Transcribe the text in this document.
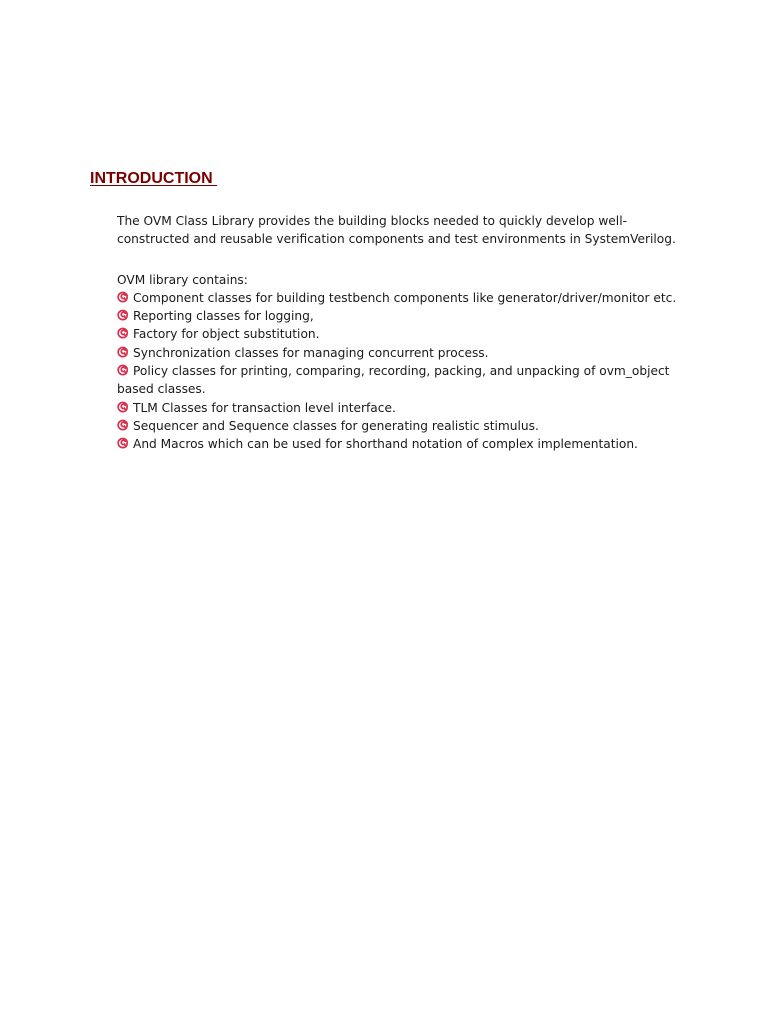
INTRODUCTION

The OVM Class Library provides the building blocks needed to quickly develop well-constructed and reusable verification components and test environments in SystemVerilog.

OVM library contains:

Component classes for building testbench components like generator/driver/monitor etc.
Reporting classes for logging,
Factory for object substitution.
Synchronization classes for managing concurrent process.
Policy classes for printing, comparing, recording, packing, and unpacking of ovm_object based classes.
TLM Classes for transaction level interface.
Sequencer and Sequence classes for generating realistic stimulus.
And Macros which can be used for shorthand notation of complex implementation.
